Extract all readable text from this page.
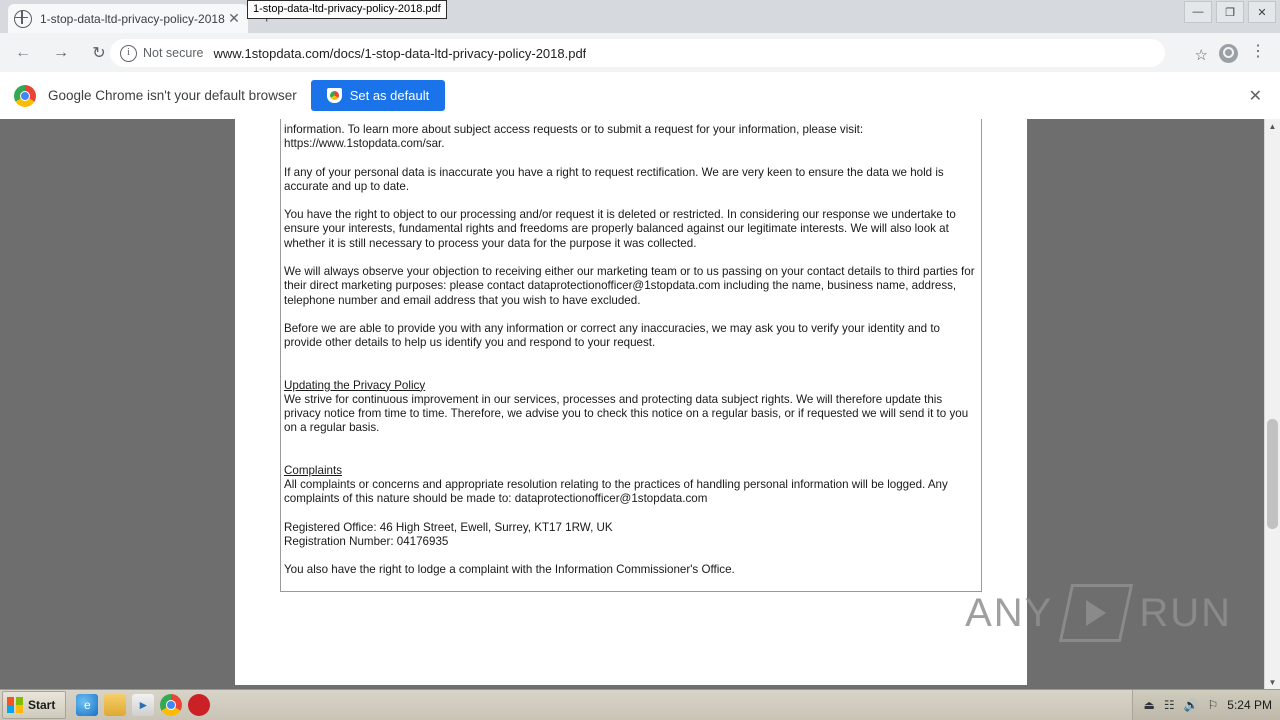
1-stop-data-ltd-privacy-policy-2018 ✕
1-stop-data-ltd-privacy-policy-2018.pdf	—	❐	✕
←	→	↻	i	Not secure www.1stopdata.com/docs/1-stop-data-ltd-privacy-policy-2018.pdf	☆	⋮
Google Chrome isn't your default browser	Set as default	✕

information. To learn more about subject access requests or to submit a request for your information, please visit: https://www.1stopdata.com/sar.

If any of your personal data is inaccurate you have a right to request rectification. We are very keen to ensure the data we hold is accurate and up to date.

You have the right to object to our processing and/or request it is deleted or restricted. In considering our response we undertake to ensure your interests, fundamental rights and freedoms are properly balanced against our legitimate interests. We will also look at whether it is still necessary to process your data for the purpose it was collected.

We will always observe your objection to receiving either our marketing team or to us passing on your contact details to third parties for their direct marketing purposes: please contact dataprotectionofficer@1stopdata.com including the name, business name, address, telephone number and email address that you wish to have excluded.

Before we are able to provide you with any information or correct any inaccuracies, we may ask you to verify your identity and to provide other details to help us identify you and respond to your request.

Updating the Privacy Policy

We strive for continuous improvement in our services, processes and protecting data subject rights. We will therefore update this privacy notice from time to time. Therefore, we advise you to check this notice on a regular basis, or if requested we will send it to you on a regular basis.

Complaints

All complaints or concerns and appropriate resolution relating to the practices of handling personal information will be logged. Any complaints of this nature should be made to: dataprotectionofficer@1stopdata.com

Registered Office: 46 High Street, Ewell, Surrey, KT17 1RW, UK

Registration Number: 04176935

You also have the right to lodge a complaint with the Information Commissioner's Office.

ANY RUN
▲
▼
Start	e	►	⏏ ☷ 🔊 ⚐ 5:24 PM
